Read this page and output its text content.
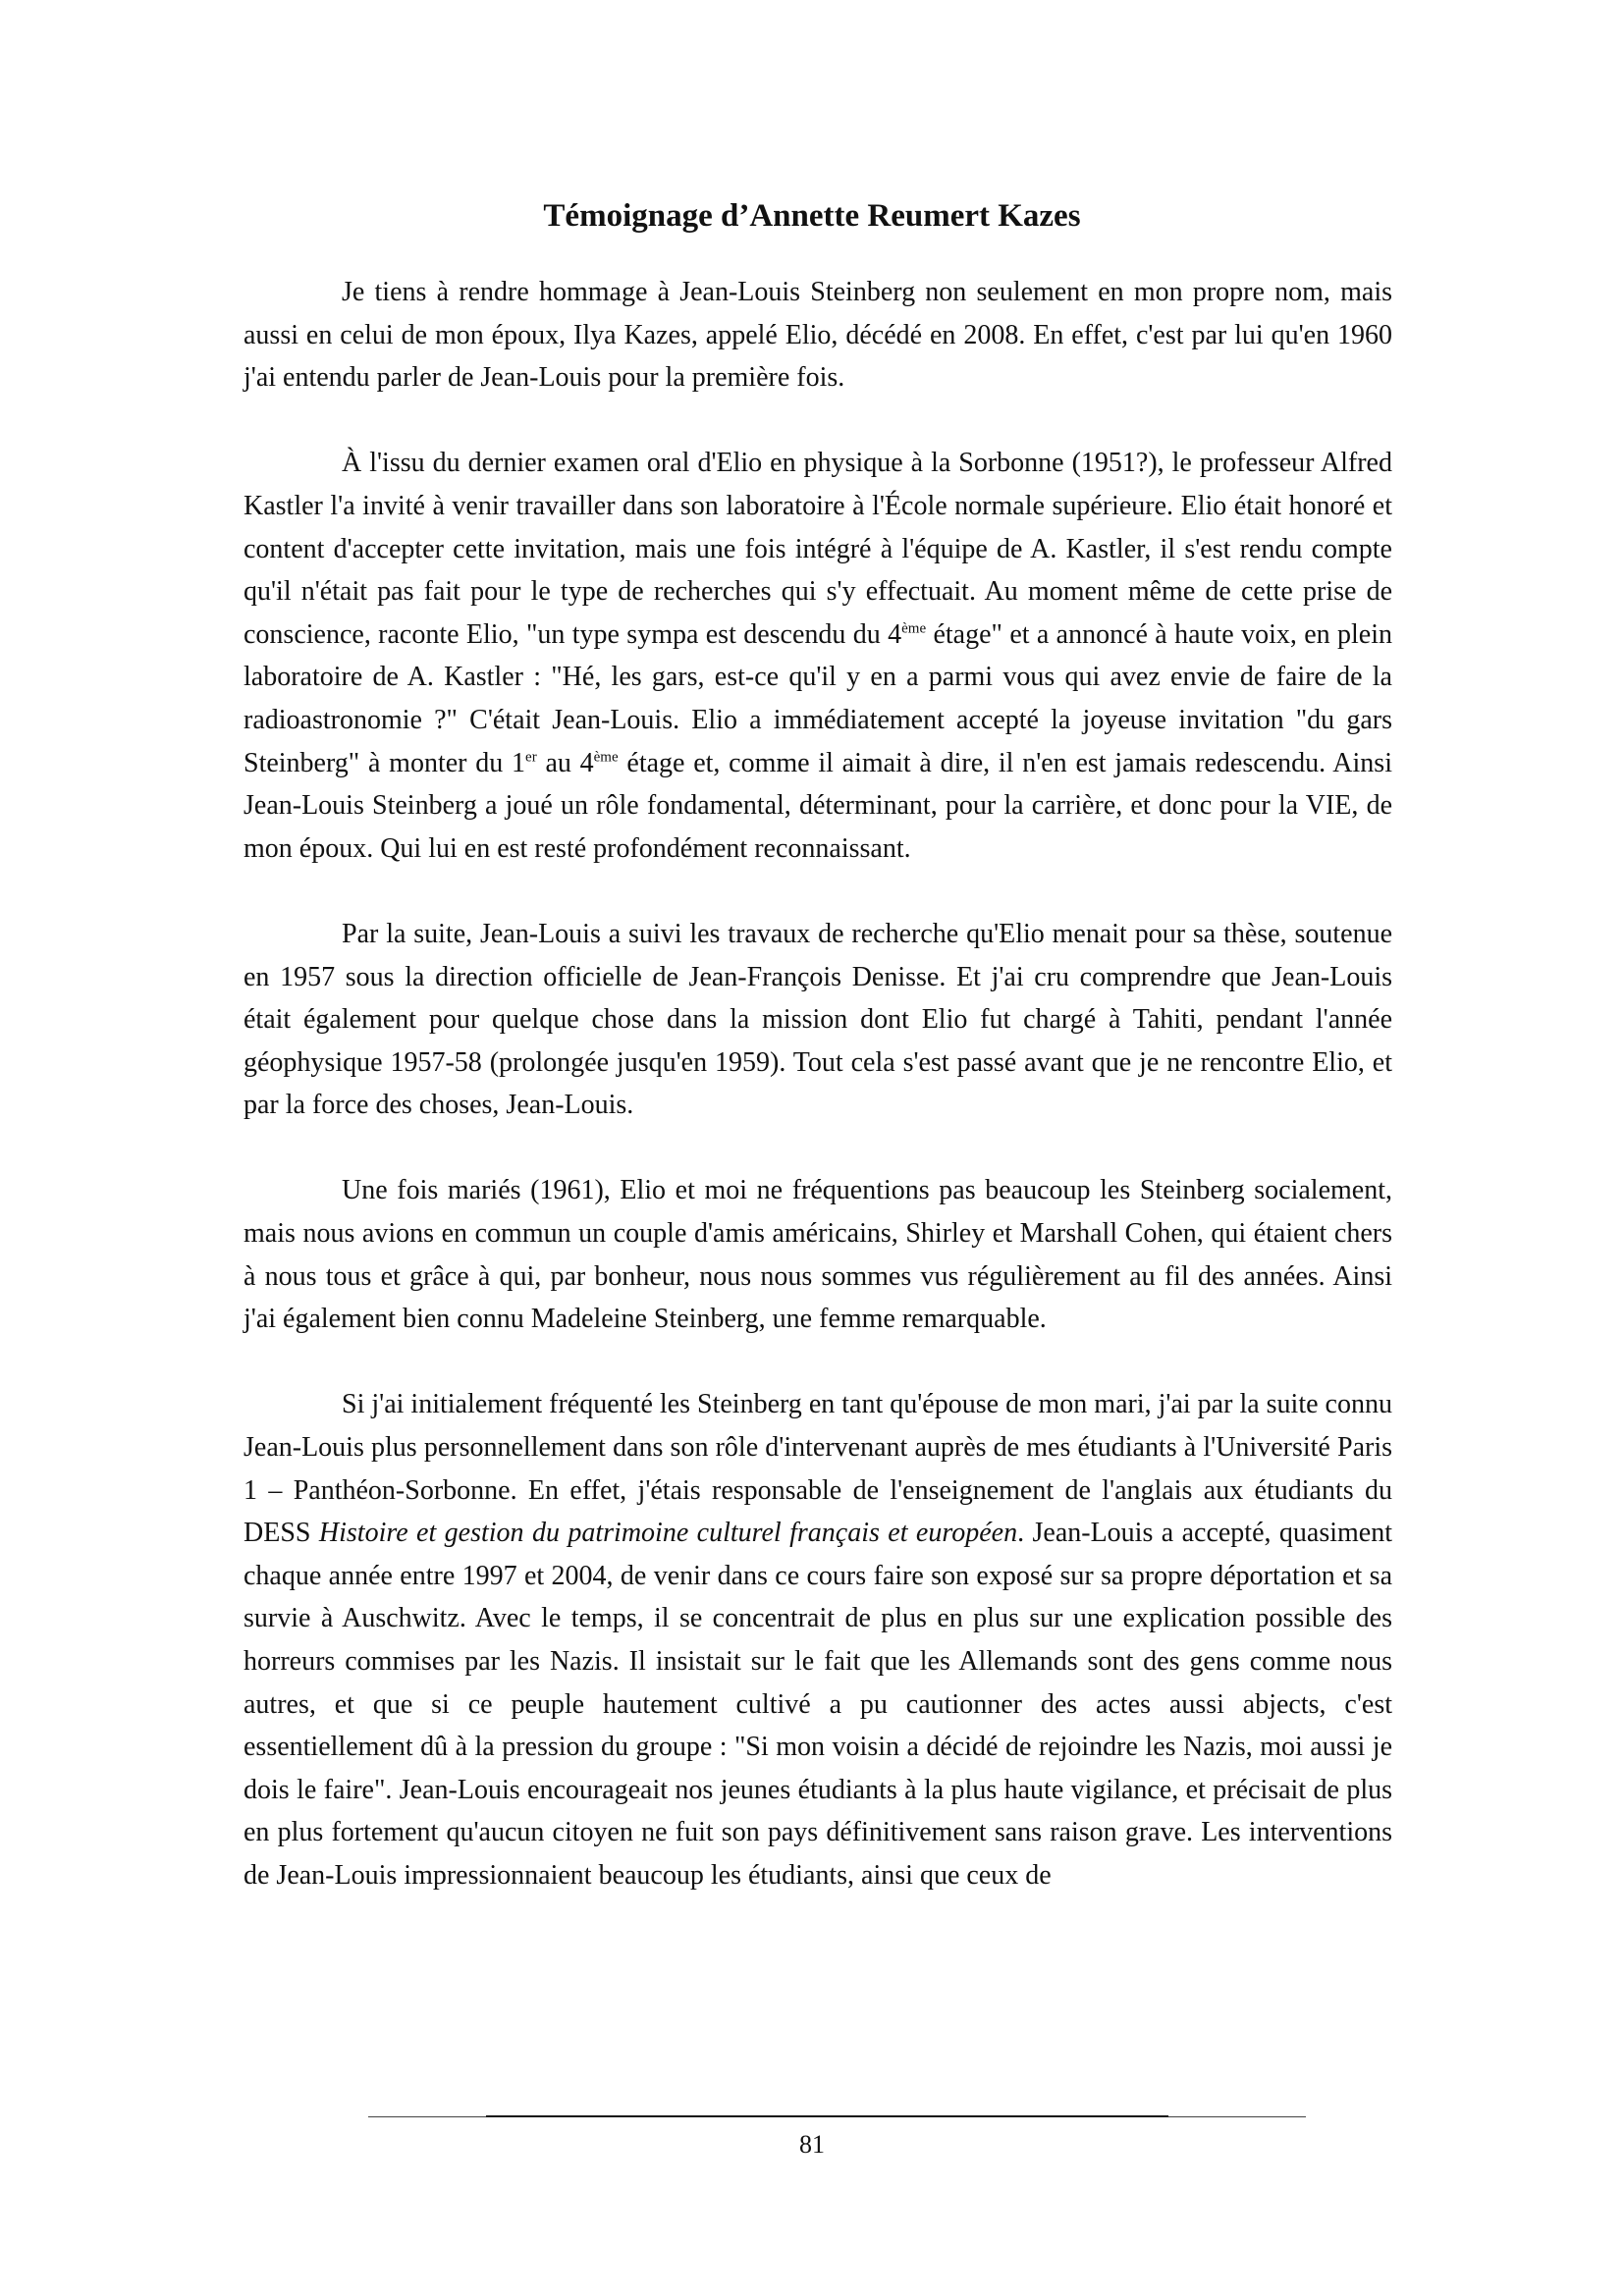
Témoignage d’Annette Reumert Kazes

Je tiens à rendre hommage à Jean-Louis Steinberg non seulement en mon propre nom, mais aussi en celui de mon époux, Ilya Kazes, appelé Elio, décédé en 2008. En effet, c'est par lui qu'en 1960 j'ai entendu parler de Jean-Louis pour la première fois.

À l'issu du dernier examen oral d'Elio en physique à la Sorbonne (1951?), le professeur Alfred Kastler l'a invité à venir travailler dans son laboratoire à l'École normale supérieure. Elio était honoré et content d'accepter cette invitation, mais une fois intégré à l'équipe de A. Kastler, il s'est rendu compte qu'il n'était pas fait pour le type de recherches qui s'y effectuait. Au moment même de cette prise de conscience, raconte Elio, "un type sympa est descendu du 4ème étage" et a annoncé à haute voix, en plein laboratoire de A. Kastler : "Hé, les gars, est-ce qu'il y en a parmi vous qui avez envie de faire de la radioastronomie ?" C'était Jean-Louis. Elio a immédiatement accepté la joyeuse invitation "du gars Steinberg" à monter du 1er au 4ème étage et, comme il aimait à dire, il n'en est jamais redescendu. Ainsi Jean-Louis Steinberg a joué un rôle fondamental, déterminant, pour la carrière, et donc pour la VIE, de mon époux. Qui lui en est resté profondément reconnaissant.

Par la suite, Jean-Louis a suivi les travaux de recherche qu'Elio menait pour sa thèse, soutenue en 1957 sous la direction officielle de Jean-François Denisse. Et j'ai cru comprendre que Jean-Louis était également pour quelque chose dans la mission dont Elio fut chargé à Tahiti, pendant l'année géophysique 1957-58 (prolongée jusqu'en 1959). Tout cela s'est passé avant que je ne rencontre Elio, et par la force des choses, Jean-Louis.

Une fois mariés (1961), Elio et moi ne fréquentions pas beaucoup les Steinberg socialement, mais nous avions en commun un couple d'amis américains, Shirley et Marshall Cohen, qui étaient chers à nous tous et grâce à qui, par bonheur, nous nous sommes vus régulièrement au fil des années. Ainsi j'ai également bien connu Madeleine Steinberg, une femme remarquable.

Si j'ai initialement fréquenté les Steinberg en tant qu'épouse de mon mari, j'ai par la suite connu Jean-Louis plus personnellement dans son rôle d'intervenant auprès de mes étudiants à l'Université Paris 1 – Panthéon-Sorbonne. En effet, j'étais responsable de l'enseignement de l'anglais aux étudiants du DESS Histoire et gestion du patrimoine culturel français et européen. Jean-Louis a accepté, quasiment chaque année entre 1997 et 2004, de venir dans ce cours faire son exposé sur sa propre déportation et sa survie à Auschwitz. Avec le temps, il se concentrait de plus en plus sur une explication possible des horreurs commises par les Nazis. Il insistait sur le fait que les Allemands sont des gens comme nous autres, et que si ce peuple hautement cultivé a pu cautionner des actes aussi abjects, c'est essentiellement dû à la pression du groupe : "Si mon voisin a décidé de rejoindre les Nazis, moi aussi je dois le faire". Jean-Louis encourageait nos jeunes étudiants à la plus haute vigilance, et précisait de plus en plus fortement qu'aucun citoyen ne fuit son pays définitivement sans raison grave. Les interventions de Jean-Louis impressionnaient beaucoup les étudiants, ainsi que ceux de

81
